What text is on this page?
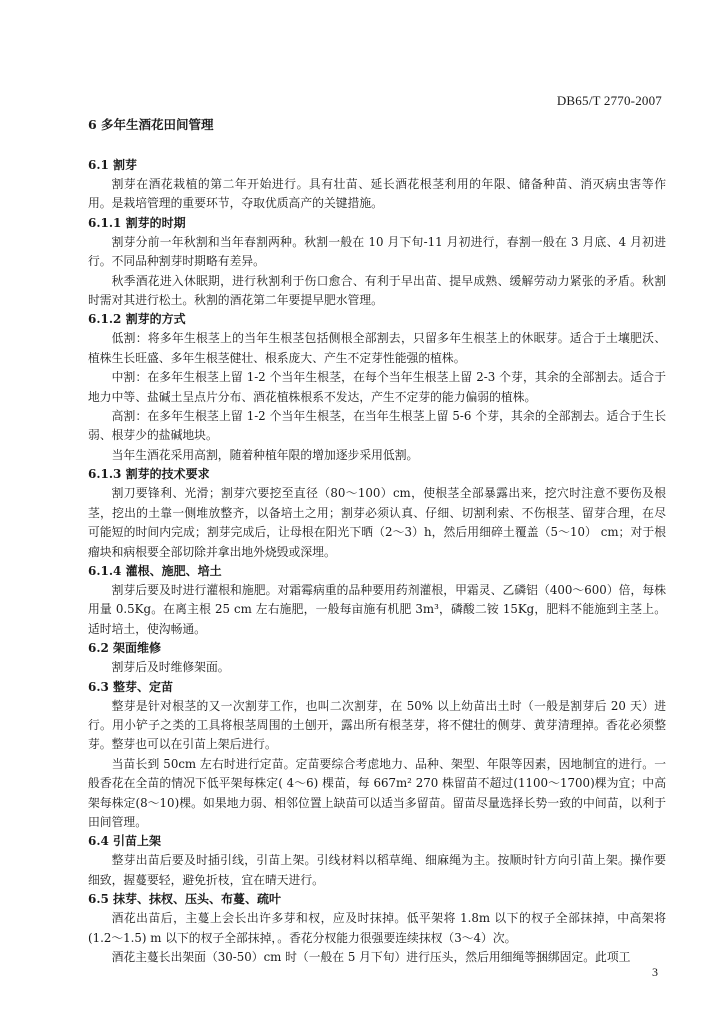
DB65/T 2770-2007
6 多年生酒花田间管理
6.1 割芽
割芽在酒花栽植的第二年开始进行。具有壮苗、延长酒花根茎利用的年限、储备种苗、消灭病虫害等作用。是栽培管理的重要环节，夺取优质高产的关键措施。
6.1.1 割芽的时期
割芽分前一年秋割和当年春割两种。秋割一般在 10 月下旬-11 月初进行，春割一般在 3 月底、4 月初进行。不同品种割芽时期略有差异。
秋季酒花进入休眠期，进行秋割利于伤口愈合、有利于早出苗、提早成熟、缓解劳动力紧张的矛盾。秋割时需对其进行松土。秋割的酒花第二年要提早肥水管理。
6.1.2 割芽的方式
低割：将多年生根茎上的当年生根茎包括侧根全部割去，只留多年生根茎上的休眠芽。适合于土壤肥沃、植株生长旺盛、多年生根茎健壮、根系庞大、产生不定芽性能强的植株。
中割：在多年生根茎上留 1-2 个当年生根茎，在每个当年生根茎上留 2-3 个芽，其余的全部割去。适合于地力中等、盐碱土呈点片分布、酒花植株根系不发达，产生不定芽的能力偏弱的植株。
高割：在多年生根茎上留 1-2 个当年生根茎，在当年生根茎上留 5-6 个芽，其余的全部割去。适合于生长弱、根芽少的盐碱地块。
当年生酒花采用高割，随着种植年限的增加逐步采用低割。
6.1.3 割芽的技术要求
割刀要锋利、光滑；割芽穴要挖至直径（80～100）cm，使根茎全部暴露出来，挖穴时注意不要伤及根茎，挖出的土靠一侧堆放整齐，以备培土之用；割芽必须认真、仔细、切割利索、不伤根茎、留芽合理，在尽可能短的时间内完成；割芽完成后，让母根在阳光下晒（2～3）h，然后用细碎土覆盖（5～10） cm；对于根瘤块和病根要全部切除并拿出地外烧毁或深埋。
6.1.4 灌根、施肥、培土
割芽后要及时进行灌根和施肥。对霜霉病重的品种要用药剂灌根，甲霜灵、乙磷铝（400～600）倍，每株用量 0.5Kg。在离主根 25 cm 左右施肥，一般每亩施有机肥 3m³，磷酸二铵 15Kg，肥料不能施到主茎上。适时培土，使沟畅通。
6.2 架面维修
割芽后及时维修架面。
6.3 整芽、定苗
整芽是针对根茎的又一次割芽工作，也叫二次割芽，在 50% 以上幼苗出土时（一般是割芽后 20 天）进行。用小铲子之类的工具将根茎周围的土刨开，露出所有根茎芽，将不健壮的侧芽、黄芽清理掉。香花必须整芽。整芽也可以在引苗上架后进行。
当苗长到 50cm 左右时进行定苗。定苗要综合考虑地力、品种、架型、年限等因素，因地制宜的进行。一般香花在全苗的情况下低平架每株定( 4～6) 棵苗，每 667m² 270 株留苗不超过(1100～1700)棵为宜；中高架每株定(8～10)棵。如果地力弱、相邻位置上缺苗可以适当多留苗。留苗尽量选择长势一致的中间苗，以利于田间管理。
6.4 引苗上架
整芽出苗后要及时插引线，引苗上架。引线材料以稻草绳、细麻绳为主。按顺时针方向引苗上架。操作要细致，握蔓要轻，避免折枝，宜在晴天进行。
6.5 抹芽、抹杈、压头、布蔓、疏叶
酒花出苗后，主蔓上会长出许多芽和杈，应及时抹掉。低平架将 1.8m 以下的杈子全部抹掉，中高架将(1.2～1.5) m 以下的杈子全部抹掉，。香花分杈能力很强要连续抹杈（3～4）次。
酒花主蔓长出架面（30-50）cm 时（一般在 5 月下旬）进行压头，然后用细绳等捆绑固定。此项工
3
